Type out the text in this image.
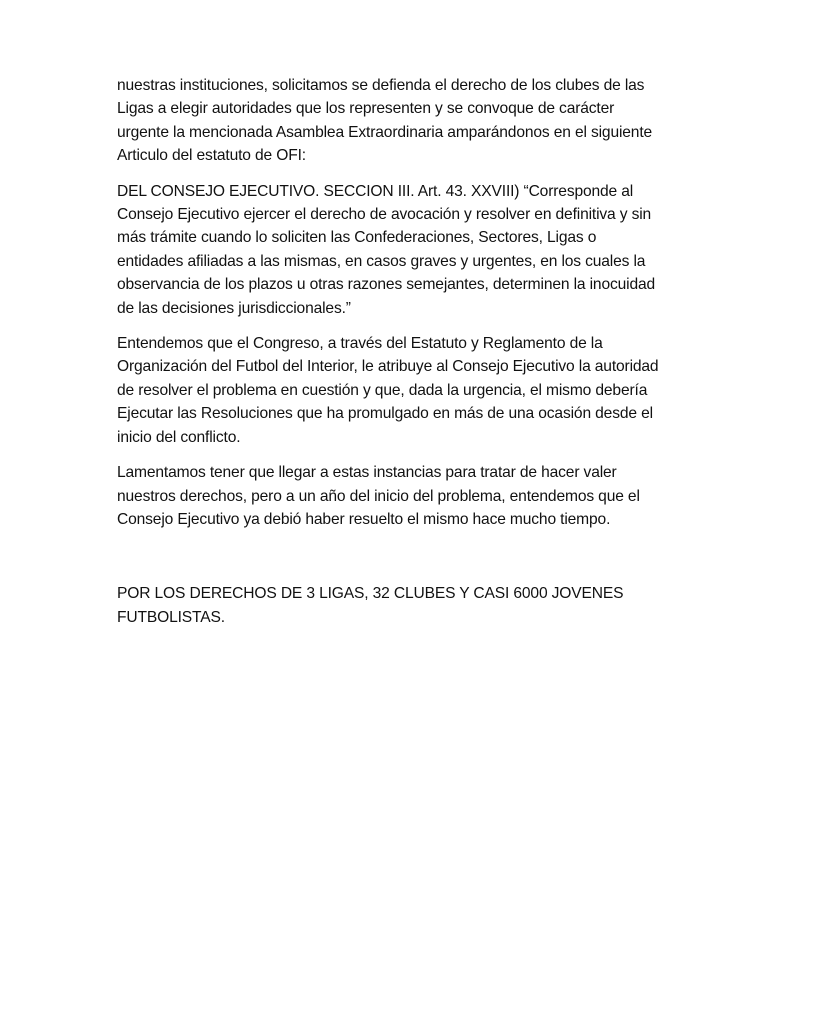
nuestras instituciones, solicitamos se defienda el derecho de los clubes de las
Ligas a elegir autoridades que los representen y se convoque de carácter
urgente la mencionada Asamblea Extraordinaria amparándonos en el siguiente
Articulo del estatuto de OFI:

DEL CONSEJO EJECUTIVO. SECCION III. Art. 43. XXVIII) “Corresponde al
Consejo Ejecutivo ejercer el derecho de avocación y resolver en definitiva y sin
más trámite cuando lo soliciten las Confederaciones, Sectores, Ligas o
entidades afiliadas a las mismas, en casos graves y urgentes, en los cuales la
observancia de los plazos u otras razones semejantes, determinen la inocuidad
de las decisiones jurisdiccionales.”

Entendemos que el Congreso, a través del Estatuto y Reglamento de la
Organización del Futbol del Interior, le atribuye al Consejo Ejecutivo la autoridad
de resolver el problema en cuestión y que, dada la urgencia, el mismo debería
Ejecutar las Resoluciones que ha promulgado en más de una ocasión desde el
inicio del conflicto.

Lamentamos tener que llegar a estas instancias para tratar de hacer valer
nuestros derechos, pero a un año del inicio del problema, entendemos que el
Consejo Ejecutivo ya debió haber resuelto el mismo hace mucho tiempo.

POR LOS DERECHOS DE 3 LIGAS, 32 CLUBES Y CASI 6000 JOVENES
FUTBOLISTAS.
